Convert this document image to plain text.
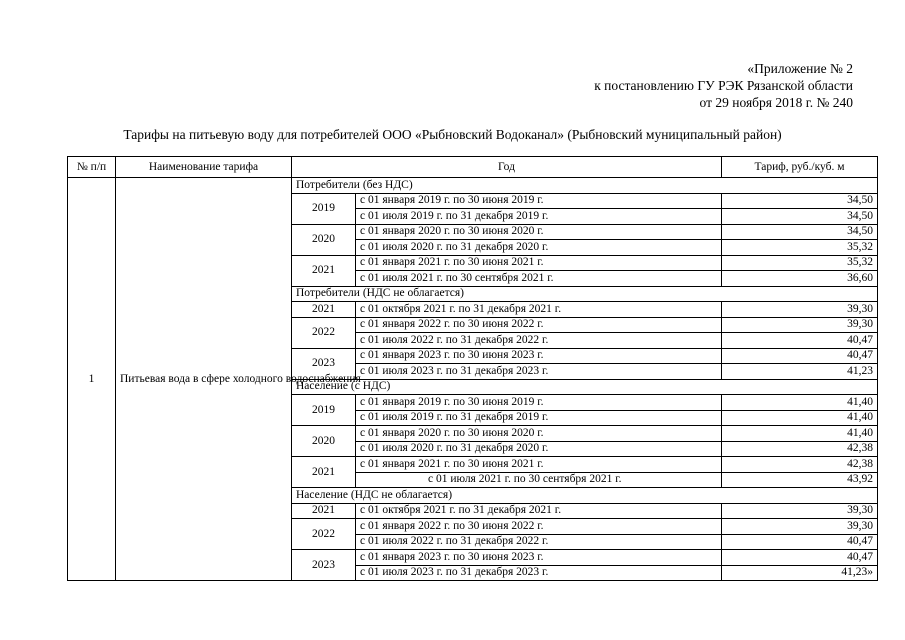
«Приложение № 2
к постановлению ГУ РЭК Рязанской области
от 29 ноября 2018 г. № 240
Тарифы на питьевую воду для потребителей ООО «Рыбновский Водоканал» (Рыбновский муниципальный район)
№ п/п	Наименование тарифа	Год		Тариф, руб./куб. м
1	Питьевая вода в сфере холодного водоснабжения	Потребители (без НДС)		
		2019	с 01 января 2019 г. по 30 июня 2019 г.	34,50
			с 01 июля 2019 г. по 31 декабря 2019 г.	34,50
		2020	с 01 января 2020 г. по 30 июня 2020 г.	34,50
			с 01 июля 2020 г. по 31 декабря 2020 г.	35,32
		2021	с 01 января 2021 г. по 30 июня 2021 г.	35,32
			с 01 июля 2021 г. по 30 сентября 2021 г.	36,60
		Потребители (НДС не облагается)		
		2021	с 01 октября 2021 г. по 31 декабря 2021 г.	39,30
		2022	с 01 января 2022 г. по 30 июня 2022 г.	39,30
			с 01 июля 2022 г. по 31 декабря 2022 г.	40,47
		2023	с 01 января 2023 г. по 30 июня 2023 г.	40,47
			с 01 июля 2023 г. по 31 декабря 2023 г.	41,23
		Население (с НДС)		
		2019	с 01 января 2019 г. по 30 июня 2019 г.	41,40
			с 01 июля 2019 г. по 31 декабря 2019 г.	41,40
		2020	с 01 января 2020 г. по 30 июня 2020 г.	41,40
			с 01 июля 2020 г. по 31 декабря 2020 г.	42,38
		2021	с 01 января 2021 г. по 30 июня 2021 г.	42,38
			с 01 июля 2021 г. по 30 сентября 2021 г.	43,92
		Население (НДС не облагается)		
		2021	с 01 октября 2021 г. по 31 декабря 2021 г.	39,30
		2022	с 01 января 2022 г. по 30 июня 2022 г.	39,30
			с 01 июля 2022 г. по 31 декабря 2022 г.	40,47
		2023	с 01 января 2023 г. по 30 июня 2023 г.	40,47
			с 01 июля 2023 г. по 31 декабря 2023 г.	41,23»
